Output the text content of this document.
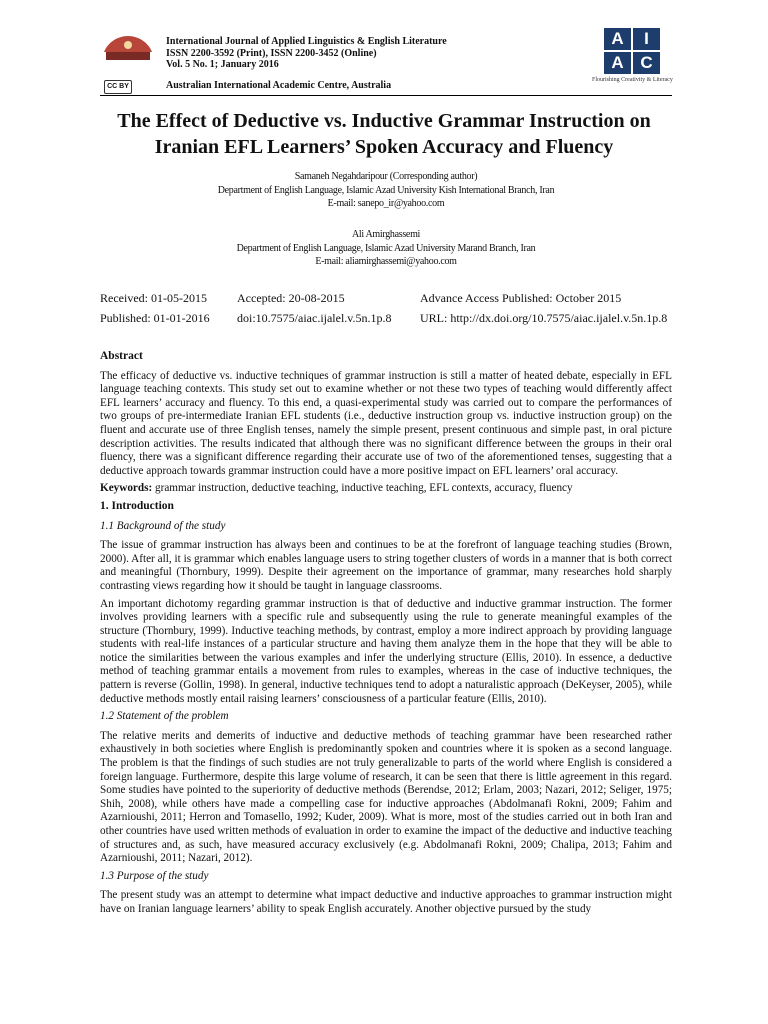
International Journal of Applied Linguistics & English Literature
ISSN 2200-3592 (Print), ISSN 2200-3452 (Online)
Vol. 5 No. 1; January 2016
CC BY	Australian International Academic Centre, Australia
A	I
A C
Flourishing Creativity & Literacy
The Effect of Deductive vs. Inductive Grammar Instruction on
Iranian EFL Learners’ Spoken Accuracy and Fluency
Samaneh Negahdaripour (Corresponding author)
Department of English Language, Islamic Azad University Kish International Branch, Iran
E-mail: sanepo_ir@yahoo.com
Ali Amirghassemi
Department of English Language, Islamic Azad University Marand Branch, Iran
E-mail: aliamirghassemi@yahoo.com
Received: 01-05-2015	Accepted: 20-08-2015	Advance Access Published: October 2015
Published: 01-01-2016 doi:10.7575/aiac.ijalel.v.5n.1p.8 URL: http://dx.doi.org/10.7575/aiac.ijalel.v.5n.1p.8
Abstract

The efficacy of deductive vs. inductive techniques of grammar instruction is still a matter of heated debate, especially in EFL language teaching contexts. This study set out to examine whether or not these two types of teaching would differently affect EFL learners’ accuracy and fluency. To this end, a quasi-experimental study was carried out to compare the performances of two groups of pre-intermediate Iranian EFL students (i.e., deductive instruction group vs. inductive instruction group) on the fluent and accurate use of three English tenses, namely the simple present, present continuous and simple past, in oral picture description activities. The results indicated that although there was no significant difference between the groups in their oral fluency, there was a significant difference regarding their accurate use of two of the aforementioned tenses, suggesting that a deductive approach towards grammar instruction could have a more positive impact on EFL learners’ oral accuracy.

Keywords: grammar instruction, deductive teaching, inductive teaching, EFL contexts, accuracy, fluency

1. Introduction
1.1 Background of the study

The issue of grammar instruction has always been and continues to be at the forefront of language teaching studies (Brown, 2000). After all, it is grammar which enables language users to string together clusters of words in a manner that is both correct and meaningful (Thornbury, 1999). Despite their agreement on the importance of grammar, many researches hold sharply contrasting views regarding how it should be taught in language classrooms.

An important dichotomy regarding grammar instruction is that of deductive and inductive grammar instruction. The former involves providing learners with a specific rule and subsequently using the rule to generate meaningful examples of the structure (Thornbury, 1999). Inductive teaching methods, by contrast, employ a more indirect approach by providing language students with real-life instances of a particular structure and having them analyze them in the hope that they will be able to notice the similarities between the various examples and infer the underlying structure (Ellis, 2010). In essence, a deductive method of teaching grammar entails a movement from rules to examples, whereas in the case of inductive techniques, the pattern is reverse (Gollin, 1998). In general, inductive techniques tend to adopt a naturalistic approach (DeKeyser, 2005), while deductive methods mostly entail raising learners’ consciousness of a particular feature (Ellis, 2010).

1.2 Statement of the problem

The relative merits and demerits of inductive and deductive methods of teaching grammar have been researched rather exhaustively in both societies where English is predominantly spoken and countries where it is spoken as a second language. The problem is that the findings of such studies are not truly generalizable to parts of the world where English is considered a foreign language. Furthermore, despite this large volume of research, it can be seen that there is little agreement in this regard. Some studies have pointed to the superiority of deductive methods (Berendse, 2012; Erlam, 2003; Nazari, 2012; Seliger, 1975; Shih, 2008), while others have made a compelling case for inductive approaches (Abdolmanafi Rokni, 2009; Fahim and Azarnioushi, 2011; Herron and Tomasello, 1992; Kuder, 2009). What is more, most of the studies carried out in both Iran and other countries have used written methods of evaluation in order to examine the impact of the deductive and inductive teaching of structures and, as such, have measured accuracy exclusively (e.g. Abdolmanafi Rokni, 2009; Chalipa, 2013; Fahim and Azarnioushi, 2011; Nazari, 2012).

1.3 Purpose of the study

The present study was an attempt to determine what impact deductive and inductive approaches to grammar instruction might have on Iranian language learners’ ability to speak English accurately. Another objective pursued by the study
